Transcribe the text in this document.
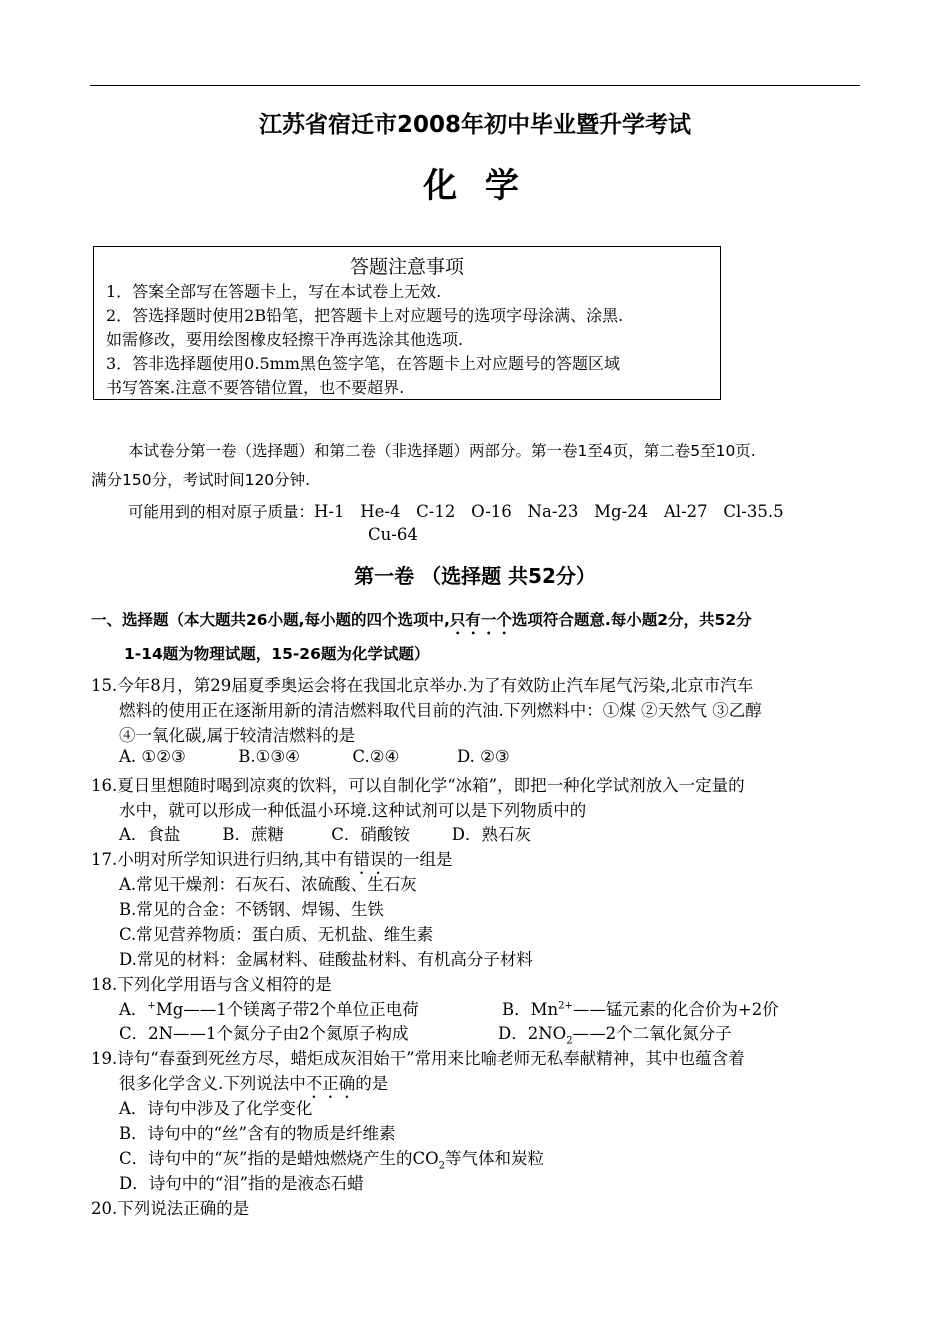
江苏省宿迁市2008年初中毕业暨升学考试
化 学
答题注意事项
1．答案全部写在答题卡上，写在本试卷上无效.
2．答选择题时使用2B铅笔，把答题卡上对应题号的选项字母涂满、涂黑.
如需修改，要用绘图橡皮轻擦干净再选涂其他选项.
3．答非选择题使用0.5mm黑色签字笔，在答题卡上对应题号的答题区域
书写答案.注意不要答错位置，也不要超界.
本试卷分第一卷（选择题）和第二卷（非选择题）两部分。第一卷1至4页，第二卷5至10页.
满分150分，考试时间120分钟.
可能用到的相对原子质量：H-1   He-4   C-12   O-16   Na-23   Mg-24   Al-27   Cl-35.5
Cu-64
第一卷 （选择题 共52分）
一、选择题（本大题共26小题,每小题的四个选项中,只有一个选项符合题意.每小题2分，共52分
1-14题为物理试题，15-26题为化学试题）
15.今年8月，第29届夏季奥运会将在我国北京举办.为了有效防止汽车尾气污染,北京市汽车
燃料的使用正在逐渐用新的清洁燃料取代目前的汽油.下列燃料中：①煤 ②天然气 ③乙醇
④一氧化碳,属于较清洁燃料的是
A. ①②③          B.①③④          C.②④           D. ②③
16.夏日里想随时喝到凉爽的饮料，可以自制化学“冰箱”，即把一种化学试剂放入一定量的
水中，就可以形成一种低温小环境.这种试剂可以是下列物质中的
A．食盐        B．蔗糖         C．硝酸铵        D．熟石灰
17.小明对所学知识进行归纳,其中有错误的一组是
A.常见干燥剂：石灰石、浓硫酸、生石灰
B.常见的合金：不锈钢、焊锡、生铁
C.常见营养物质：蛋白质、无机盐、维生素
D.常见的材料：金属材料、硅酸盐材料、有机高分子材料
18.下列化学用语与含义相符的是
A．+Mg——1个镁离子带2个单位正电荷	B．$Mn^{2+}——$锰元素的化合价为+2价
C．2N——1个氮分子由2个氮原子构成	D．$2NO_2——2$个二氧化氮分子
19.诗句“春蚕到死丝方尽，蜡炬成灰泪始干”常用来比喻老师无私奉献精神，其中也蕴含着
很多化学含义.下列说法中不正确的是
A．诗句中涉及了化学变化
B．诗句中的“丝”含有的物质是纤维素
C．诗句中的“灰”指的是蜡烛燃烧产生的$CO_2$等气体和炭粒
D．诗句中的“泪”指的是液态石蜡
20.下列说法正确的是
